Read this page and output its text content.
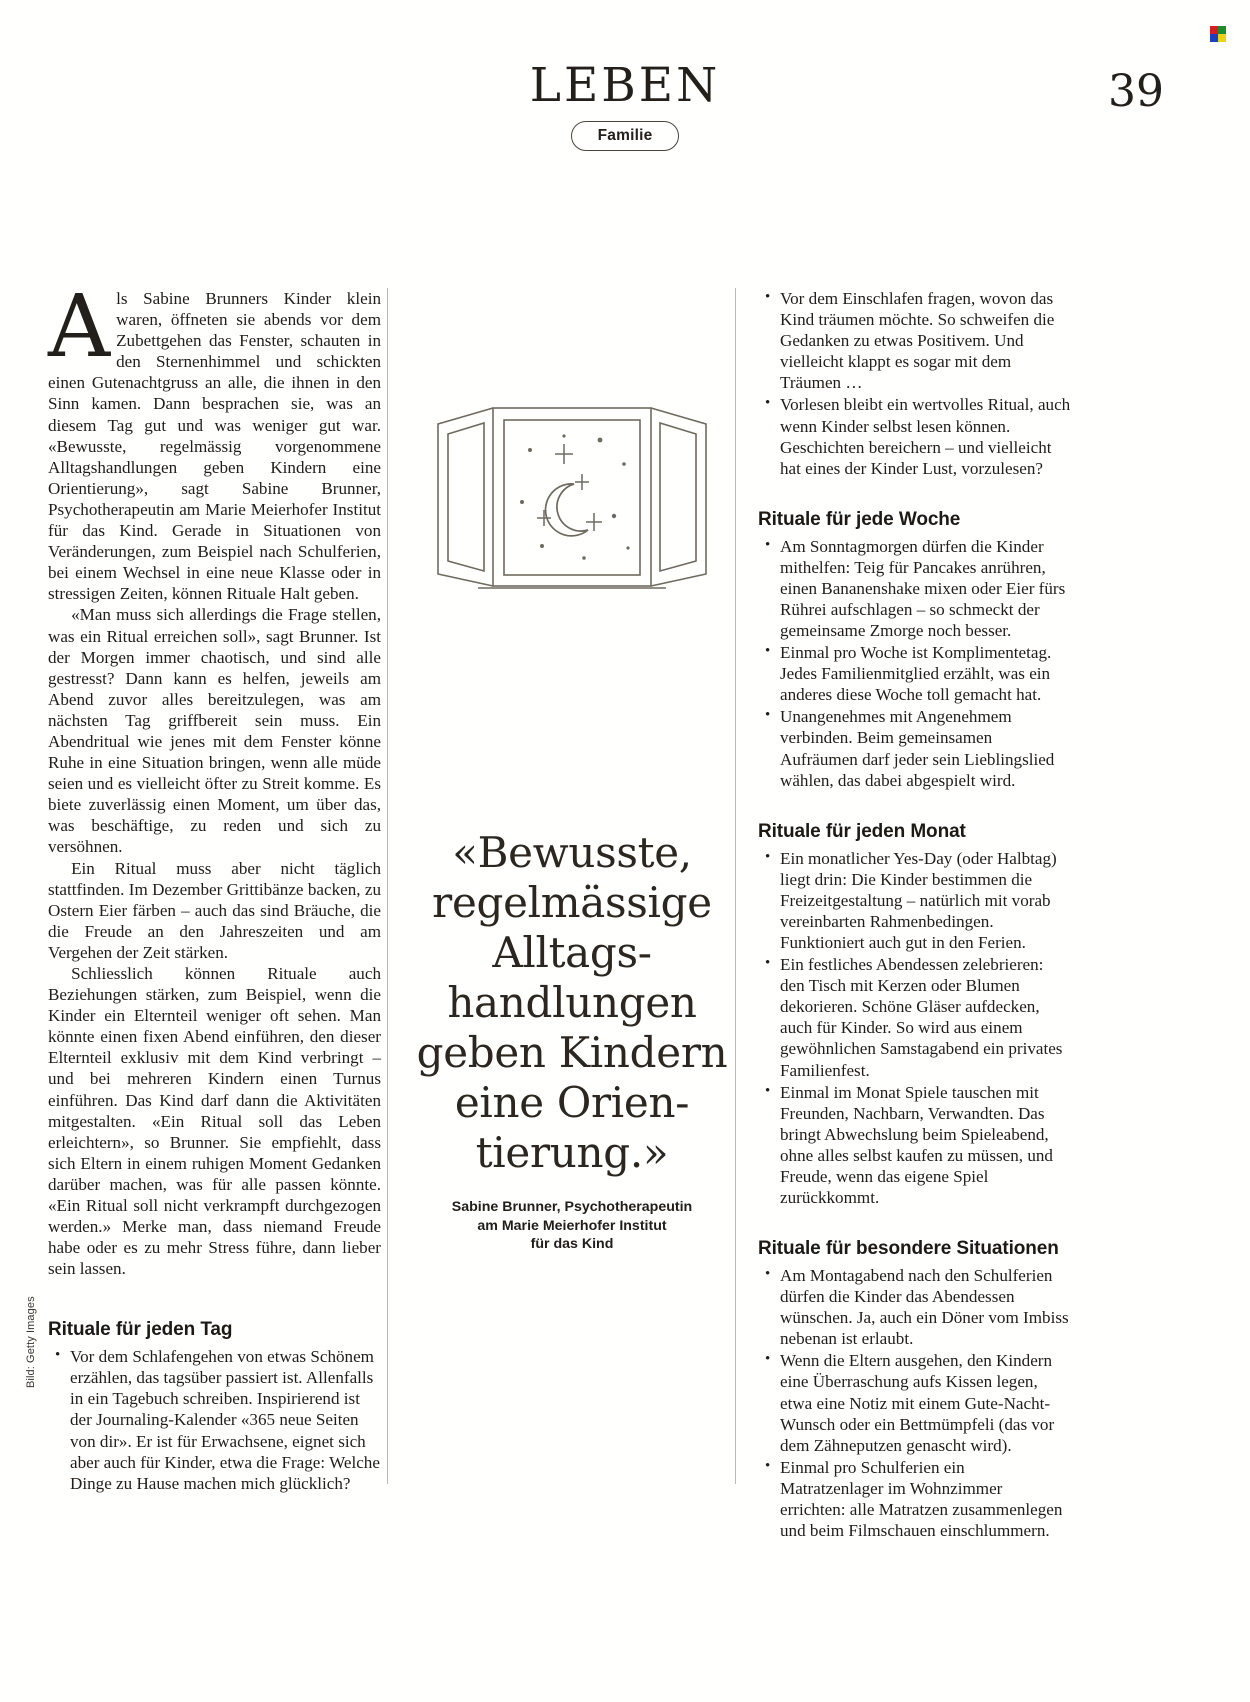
LEBEN
Familie
39

Als Sabine Brunners Kinder klein waren, öffneten sie abends vor dem Zubettgehen das Fenster, schauten in den Sternenhimmel und schickten einen Gutenachtgruss an alle, die ihnen in den Sinn kamen. Dann besprachen sie, was an diesem Tag gut und was weniger gut war. «Bewusste, regelmässig vorgenommene Alltagshandlungen geben Kindern eine Orientierung», sagt Sabine Brunner, Psychotherapeutin am Marie Meierhofer Institut für das Kind. Gerade in Situationen von Veränderungen, zum Beispiel nach Schulferien, bei einem Wechsel in eine neue Klasse oder in stressigen Zeiten, können Rituale Halt geben.

«Man muss sich allerdings die Frage stellen, was ein Ritual erreichen soll», sagt Brunner. Ist der Morgen immer chaotisch, und sind alle gestresst? Dann kann es helfen, jeweils am Abend zuvor alles bereitzulegen, was am nächsten Tag griffbereit sein muss. Ein Abendritual wie jenes mit dem Fenster könne Ruhe in eine Situation bringen, wenn alle müde seien und es vielleicht öfter zu Streit komme. Es biete zuverlässig einen Moment, um über das, was beschäftige, zu reden und sich zu versöhnen.

Ein Ritual muss aber nicht täglich stattfinden. Im Dezember Grittibänze backen, zu Ostern Eier färben – auch das sind Bräuche, die die Freude an den Jahreszeiten und am Vergehen der Zeit stärken.

Schliesslich können Rituale auch Beziehungen stärken, zum Beispiel, wenn die Kinder ein Elternteil weniger oft sehen. Man könnte einen fixen Abend einführen, den dieser Elternteil exklusiv mit dem Kind verbringt – und bei mehreren Kindern einen Turnus einführen. Das Kind darf dann die Aktivitäten mitgestalten. «Ein Ritual soll das Leben erleichtern», so Brunner. Sie empfiehlt, dass sich Eltern in einem ruhigen Moment Gedanken darüber machen, was für alle passen könnte. «Ein Ritual soll nicht verkrampft durchgezogen werden.» Merke man, dass niemand Freude habe oder es zu mehr Stress führe, dann lieber sein lassen.

Rituale für jeden Tag
• Vor dem Schlafengehen von etwas Schönem erzählen, das tagsüber passiert ist. Allenfalls in ein Tagebuch schreiben. Inspirierend ist der Journaling-Kalender «365 neue Seiten von dir». Er ist für Erwachsene, eignet sich aber auch für Kinder, etwa die Frage: Welche Dinge zu Hause machen mich glücklich?
«Bewusste,
regelmässige
Alltags-
handlungen
geben Kindern
eine Orien-
tierung.»
Sabine Brunner, Psychotherapeutin
am Marie Meierhofer Institut
für das Kind
• Vor dem Einschlafen fragen, wovon das Kind träumen möchte. So schweifen die Gedanken zu etwas Positivem. Und vielleicht klappt es sogar mit dem Träumen …
• Vorlesen bleibt ein wertvolles Ritual, auch wenn Kinder selbst lesen können. Geschichten bereichern – und vielleicht hat eines der Kinder Lust, vorzulesen?
Rituale für jede Woche
• Am Sonntagmorgen dürfen die Kinder mithelfen: Teig für Pancakes anrühren, einen Bananenshake mixen oder Eier fürs Rührei aufschlagen – so schmeckt der gemeinsame Zmorge noch besser.
• Einmal pro Woche ist Komplimentetag. Jedes Familienmitglied erzählt, was ein anderes diese Woche toll gemacht hat.
• Unangenehmes mit Angenehmem verbinden. Beim gemeinsamen Aufräumen darf jeder sein Lieblingslied wählen, das dabei abgespielt wird.
Rituale für jeden Monat
• Ein monatlicher Yes-Day (oder Halbtag) liegt drin: Die Kinder bestimmen die Freizeitgestaltung – natürlich mit vorab vereinbarten Rahmenbedingen. Funktioniert auch gut in den Ferien.
• Ein festliches Abendessen zelebrieren: den Tisch mit Kerzen oder Blumen dekorieren. Schöne Gläser aufdecken, auch für Kinder. So wird aus einem gewöhnlichen Samstagabend ein privates Familienfest.
• Einmal im Monat Spiele tauschen mit Freunden, Nachbarn, Verwandten. Das bringt Abwechslung beim Spieleabend, ohne alles selbst kaufen zu müssen, und Freude, wenn das eigene Spiel zurückkommt.
Rituale für besondere Situationen
• Am Montagabend nach den Schulferien dürfen die Kinder das Abendessen wünschen. Ja, auch ein Döner vom Imbiss nebenan ist erlaubt.
• Wenn die Eltern ausgehen, den Kindern eine Überraschung aufs Kissen legen, etwa eine Notiz mit einem Gute-Nacht-Wunsch oder ein Bettmümpfeli (das vor dem Zähneputzen genascht wird).
• Einmal pro Schulferien ein Matratzenlager im Wohnzimmer errichten: alle Matratzen zusammenlegen und beim Filmschauen einschlummern.
Bild: Getty Images
